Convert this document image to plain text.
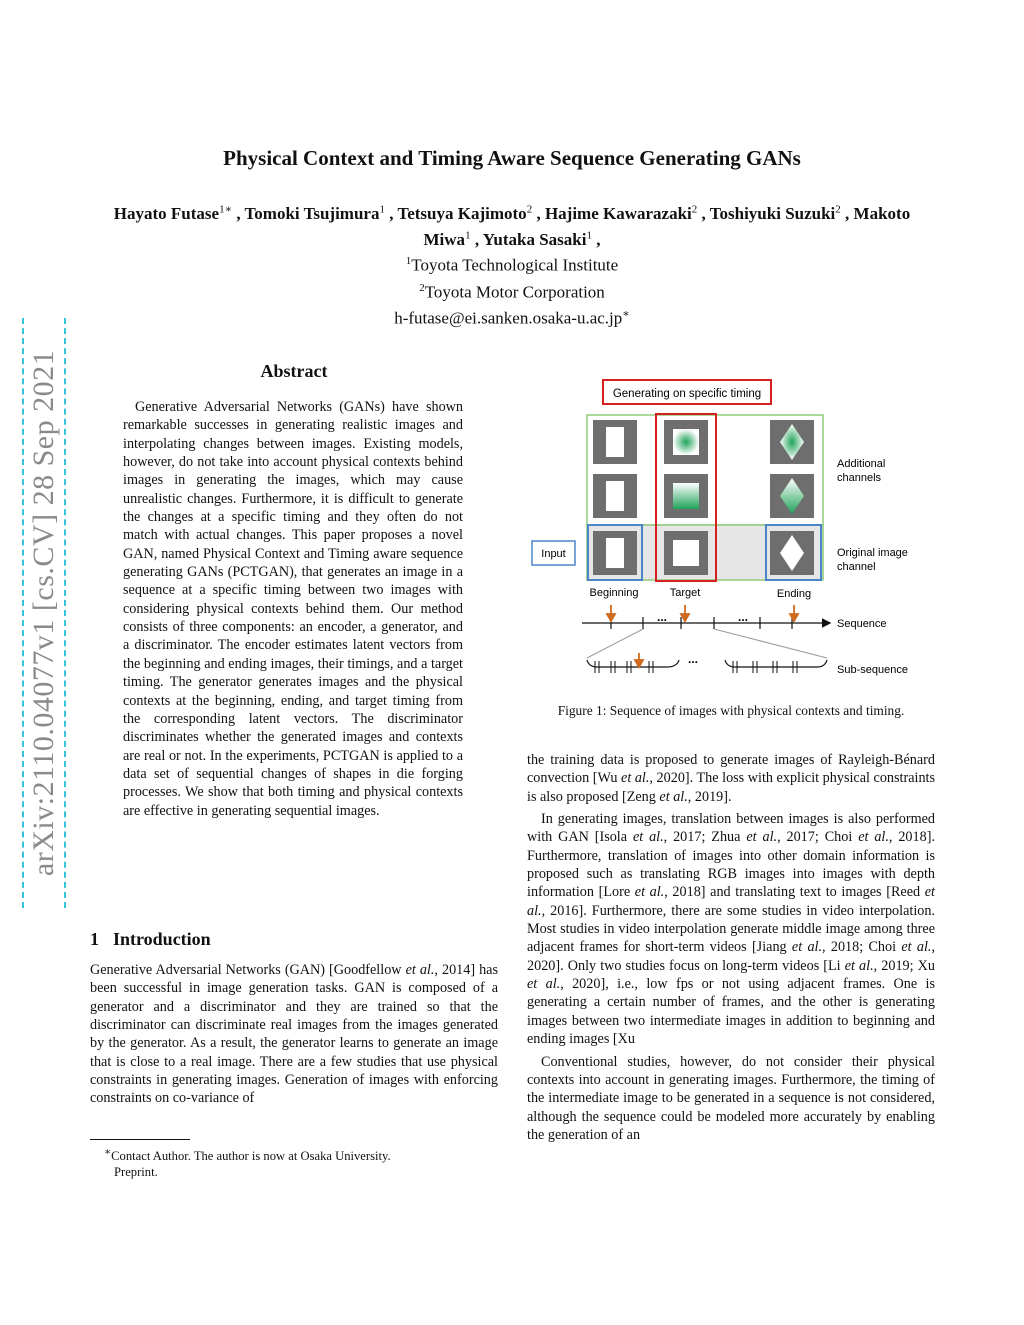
Physical Context and Timing Aware Sequence Generating GANs
Hayato Futase$^{1∗}$ , Tomoki Tsujimura$^1$ , Tetsuya Kajimoto$^2$ , Hajime Kawarazaki$^2$ , Toshiyuki Suzuki$^2$ , Makoto Miwa$^1$ , Yutaka Sasaki$^1$ ,
$^1$Toyota Technological Institute
$^2$Toyota Motor Corporation
h-futase@ei.sanken.osaka-u.ac.jp∗
arXiv:2110.04077v1 [cs.CV] 28 Sep 2021	Abstract

Generative Adversarial Networks (GANs) have shown remarkable successes in generating realistic images and interpolating changes between images. Existing models, however, do not take into account physical contexts behind images in generating the images, which may cause unrealistic changes. Furthermore, it is difficult to generate the changes at a specific timing and they often do not match with actual changes. This paper proposes a novel GAN, named Physical Context and Timing aware sequence generating GANs (PCTGAN), that generates an image in a sequence at a specific timing between two images with considering physical contexts behind them. Our method consists of three components: an encoder, a generator, and a discriminator. The encoder estimates latent vectors from the beginning and ending images, their timings, and a target timing. The generator generates images and the physical contexts at the beginning, ending, and target timing from the corresponding latent vectors. The discriminator discriminates whether the generated images and contexts are real or not. In the experiments, PCTGAN is applied to a data set of sequential changes of shapes in die forging processes. We show that both timing and physical contexts are effective in generating sequential images.

1 Introduction

Generative Adversarial Networks (GAN) [Goodfellow et al., 2014] has been successful in image generation tasks. GAN is composed of a generator and a discriminator and they are trained so that the discriminator can discriminate real images from the images generated by the generator. As a result, the generator learns to generate an image that is close to a real image. There are a few studies that use physical constraints in generating images. Generation of images with enforcing constraints on co-variance of

∗Contact Author. The author is now at Osaka University.
Preprint.

the training data is proposed to generate images of Rayleigh-Bénard convection [Wu et al., 2020]. The loss with explicit physical constraints is also proposed [Zeng et al., 2019].

In generating images, translation between images is also performed with GAN [Isola et al., 2017; Zhua et al., 2017; Choi et al., 2018]. Furthermore, translation of images into other domain information is proposed such as translating RGB images into images with depth information [Lore et al., 2018] and translating text to images [Reed et al., 2016]. Furthermore, there are some studies in video interpolation. Most studies in video interpolation generate middle image among three adjacent frames for short-term videos [Jiang et al., 2018; Choi et al., 2020]. Only two studies focus on long-term videos [Li et al., 2019; Xu et al., 2020], i.e., low fps or not using adjacent frames. One is generating a certain number of frames, and the other is generating images between two intermediate images in addition to beginning and ending images [Xu

Conventional studies, however, do not consider their physical contexts into account in generating images. Furthermore, the timing of the intermediate image to be generated in a sequence is not considered, although the sequence could be modeled more accurately by enabling the generation of an

Generating on specific timing
Input
Additional
channels
Original image
channel
Beginning	Target	Ending
...	...	Sequence
...
Sub-sequence
Figure 1: Sequence of images with physical contexts and timing.
